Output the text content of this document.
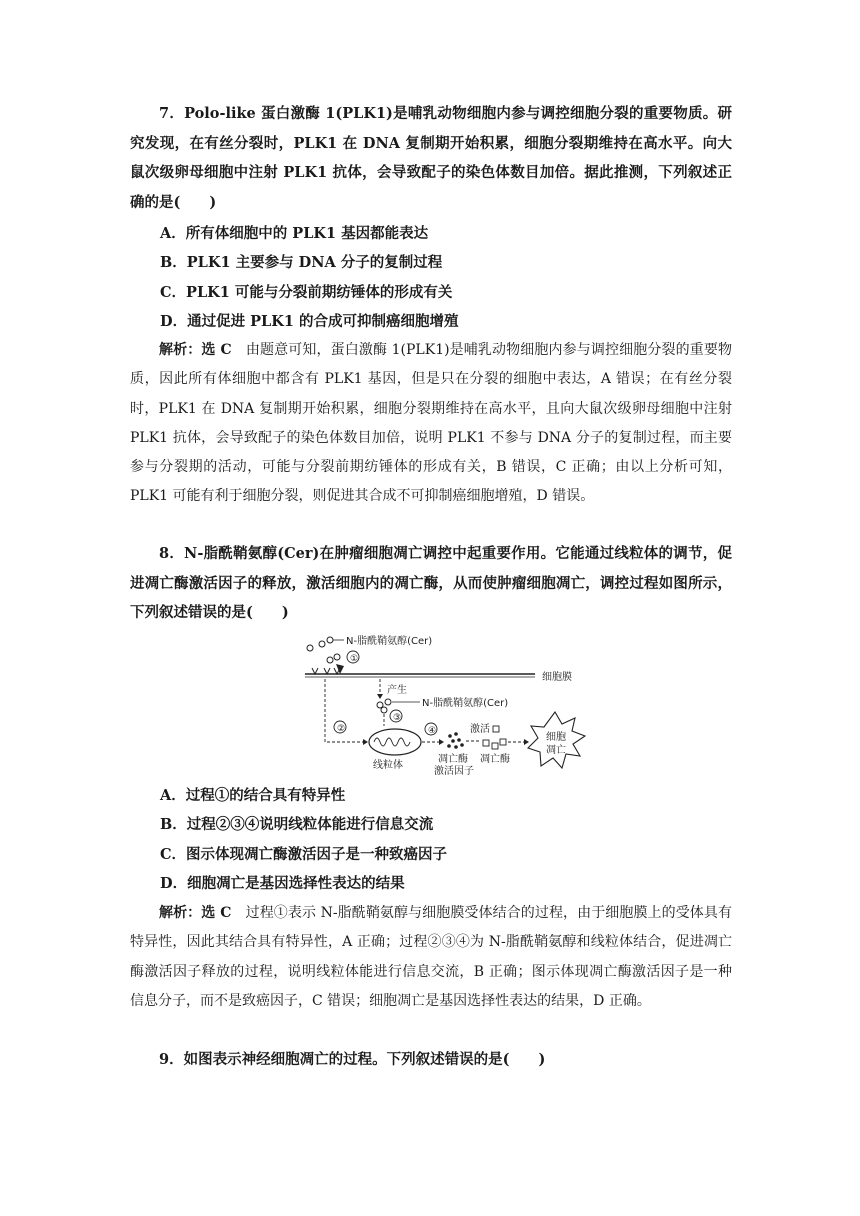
7．Polo-like 蛋白激酶 1(PLK1)是哺乳动物细胞内参与调控细胞分裂的重要物质。研究发现，在有丝分裂时，PLK1 在 DNA 复制期开始积累，细胞分裂期维持在高水平。向大鼠次级卵母细胞中注射 PLK1 抗体，会导致配子的染色体数目加倍。据此推测，下列叙述正确的是(　　)

A．所有体细胞中的 PLK1 基因都能表达

B．PLK1 主要参与 DNA 分子的复制过程

C．PLK1 可能与分裂前期纺锤体的形成有关

D．通过促进 PLK1 的合成可抑制癌细胞增殖

解析：选 C　由题意可知，蛋白激酶 1(PLK1)是哺乳动物细胞内参与调控细胞分裂的重要物质，因此所有体细胞中都含有 PLK1 基因，但是只在分裂的细胞中表达，A 错误；在有丝分裂时，PLK1 在 DNA 复制期开始积累，细胞分裂期维持在高水平，且向大鼠次级卵母细胞中注射 PLK1 抗体，会导致配子的染色体数目加倍，说明 PLK1 不参与 DNA 分子的复制过程，而主要参与分裂期的活动，可能与分裂前期纺锤体的形成有关，B 错误，C 正确；由以上分析可知，PLK1 可能有利于细胞分裂，则促进其合成不可抑制癌细胞增殖，D 错误。

8．N-脂酰鞘氨醇(Cer)在肿瘤细胞凋亡调控中起重要作用。它能通过线粒体的调节，促进凋亡酶激活因子的释放，激活细胞内的凋亡酶，从而使肿瘤细胞凋亡，调控过程如图所示，下列叙述错误的是(　　)

N-脂酰鞘氨醇(Cer)
①
细胞膜
产生
N-脂酰鞘氨醇(Cer)
③
②
线粒体
④
凋亡酶
激活因子
激活
凋亡酶
细胞
凋亡

A．过程①的结合具有特异性

B．过程②③④说明线粒体能进行信息交流

C．图示体现凋亡酶激活因子是一种致癌因子

D．细胞凋亡是基因选择性表达的结果

解析：选 C　过程①表示 N-脂酰鞘氨醇与细胞膜受体结合的过程，由于细胞膜上的受体具有特异性，因此其结合具有特异性，A 正确；过程②③④为 N-脂酰鞘氨醇和线粒体结合，促进凋亡酶激活因子释放的过程，说明线粒体能进行信息交流，B 正确；图示体现凋亡酶激活因子是一种信息分子，而不是致癌因子，C 错误；细胞凋亡是基因选择性表达的结果，D 正确。

9．如图表示神经细胞凋亡的过程。下列叙述错误的是(　　)
